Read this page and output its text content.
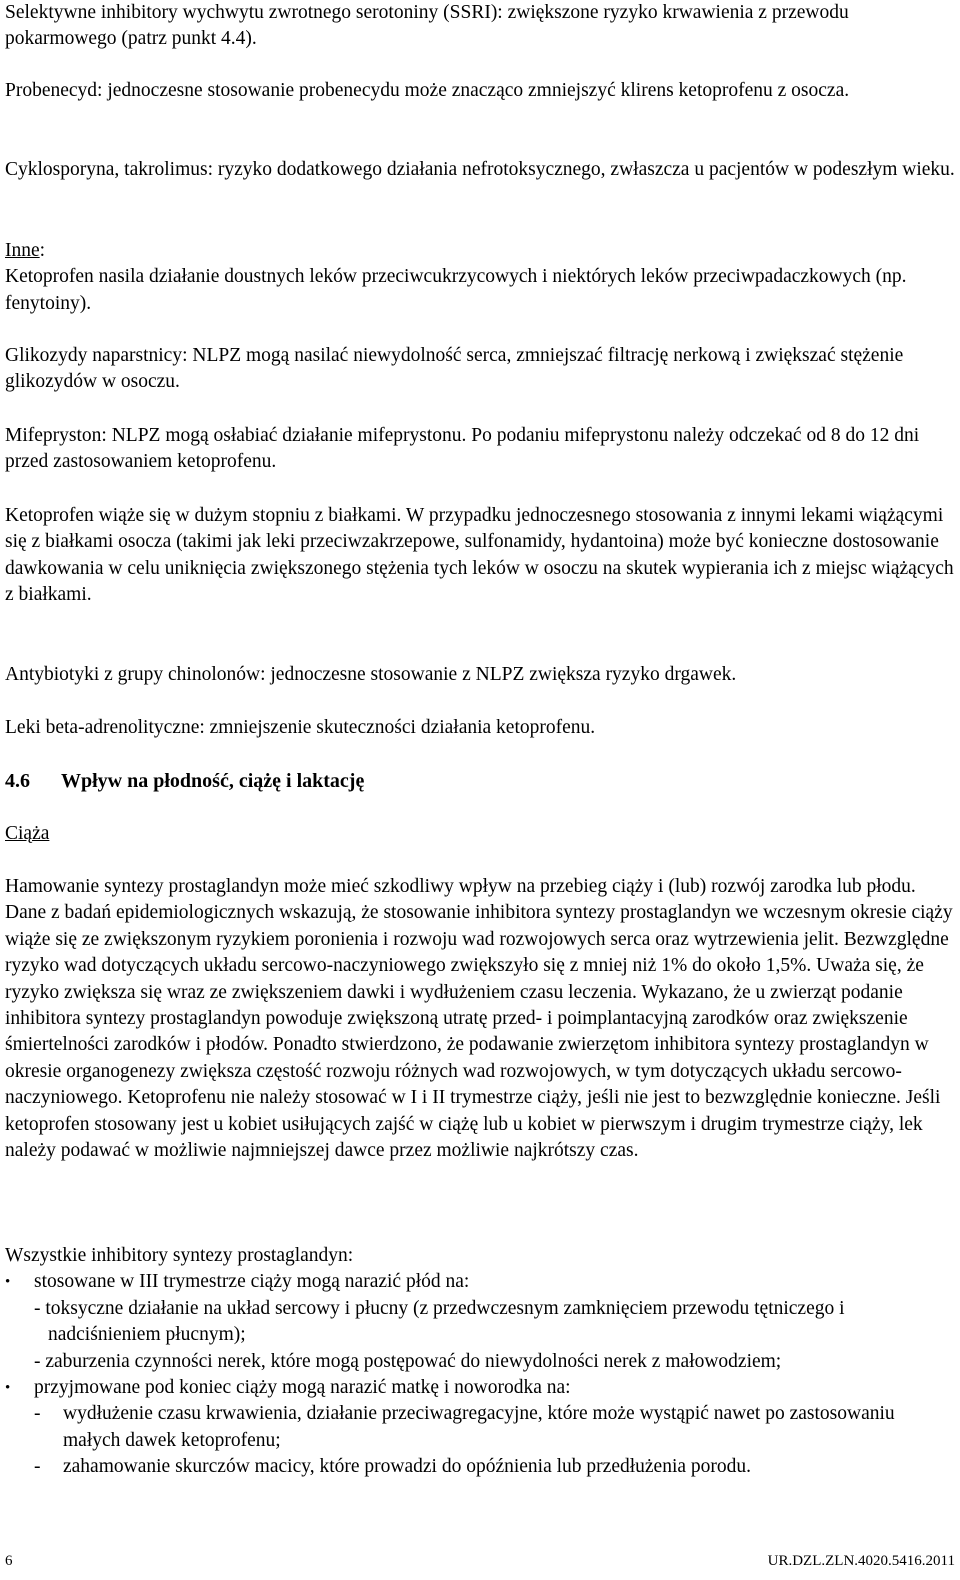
Selektywne inhibitory wychwytu zwrotnego serotoniny (SSRI): zwiększone ryzyko krwawienia z przewodu pokarmowego (patrz punkt 4.4).

Probenecyd: jednoczesne stosowanie probenecydu może znacząco zmniejszyć klirens ketoprofenu z osocza.

Cyklosporyna, takrolimus: ryzyko dodatkowego działania nefrotoksycznego, zwłaszcza u pacjentów w podeszłym wieku.

Inne:

Ketoprofen nasila działanie doustnych leków przeciwcukrzycowych i niektórych leków przeciwpadaczkowych (np. fenytoiny).

Glikozydy naparstnicy: NLPZ mogą nasilać niewydolność serca, zmniejszać filtrację nerkową i zwiększać stężenie glikozydów w osoczu.

Mifepryston: NLPZ mogą osłabiać działanie mifeprystonu. Po podaniu mifeprystonu należy odczekać od 8 do 12 dni przed zastosowaniem ketoprofenu.

Ketoprofen wiąże się w dużym stopniu z białkami. W przypadku jednoczesnego stosowania z innymi lekami wiążącymi się z białkami osocza (takimi jak leki przeciwzakrzepowe, sulfonamidy, hydantoina) może być konieczne dostosowanie dawkowania w celu uniknięcia zwiększonego stężenia tych leków w osoczu na skutek wypierania ich z miejsc wiążących z białkami.

Antybiotyki z grupy chinolonów: jednoczesne stosowanie z NLPZ zwiększa ryzyko drgawek.

Leki beta-adrenolityczne: zmniejszenie skuteczności działania ketoprofenu.

4.6 Wpływ na płodność, ciążę i laktację

Ciąża

Hamowanie syntezy prostaglandyn może mieć szkodliwy wpływ na przebieg ciąży i (lub) rozwój zarodka lub płodu. Dane z badań epidemiologicznych wskazują, że stosowanie inhibitora syntezy prostaglandyn we wczesnym okresie ciąży wiąże się ze zwiększonym ryzykiem poronienia i rozwoju wad rozwojowych serca oraz wytrzewienia jelit. Bezwzględne ryzyko wad dotyczących układu sercowo-naczyniowego zwiększyło się z mniej niż 1% do około 1,5%. Uważa się, że ryzyko zwiększa się wraz ze zwiększeniem dawki i wydłużeniem czasu leczenia. Wykazano, że u zwierząt podanie inhibitora syntezy prostaglandyn powoduje zwiększoną utratę przed- i poimplantacyjną zarodków oraz zwiększenie śmiertelności zarodków i płodów. Ponadto stwierdzono, że podawanie zwierzętom inhibitora syntezy prostaglandyn w okresie organogenezy zwiększa częstość rozwoju różnych wad rozwojowych, w tym dotyczących układu sercowo-naczyniowego. Ketoprofenu nie należy stosować w I i II trymestrze ciąży, jeśli nie jest to bezwzględnie konieczne. Jeśli ketoprofen stosowany jest u kobiet usiłujących zajść w ciążę lub u kobiet w pierwszym i drugim trymestrze ciąży, lek należy podawać w możliwie najmniejszej dawce przez możliwie najkrótszy czas.

Wszystkie inhibitory syntezy prostaglandyn:

• stosowane w III trymestrze ciąży mogą narazić płód na:

- toksyczne działanie na układ sercowy i płucny (z przedwczesnym zamknięciem przewodu tętniczego i nadciśnieniem płucnym);

- zaburzenia czynności nerek, które mogą postępować do niewydolności nerek z małowodziem;

• przyjmowane pod koniec ciąży mogą narazić matkę i noworodka na:

- wydłużenie czasu krwawienia, działanie przeciwagregacyjne, które może wystąpić nawet po zastosowaniu małych dawek ketoprofenu;
- zahamowanie skurczów macicy, które prowadzi do opóźnienia lub przedłużenia porodu.
6	UR.DZL.ZLN.4020.5416.2011
